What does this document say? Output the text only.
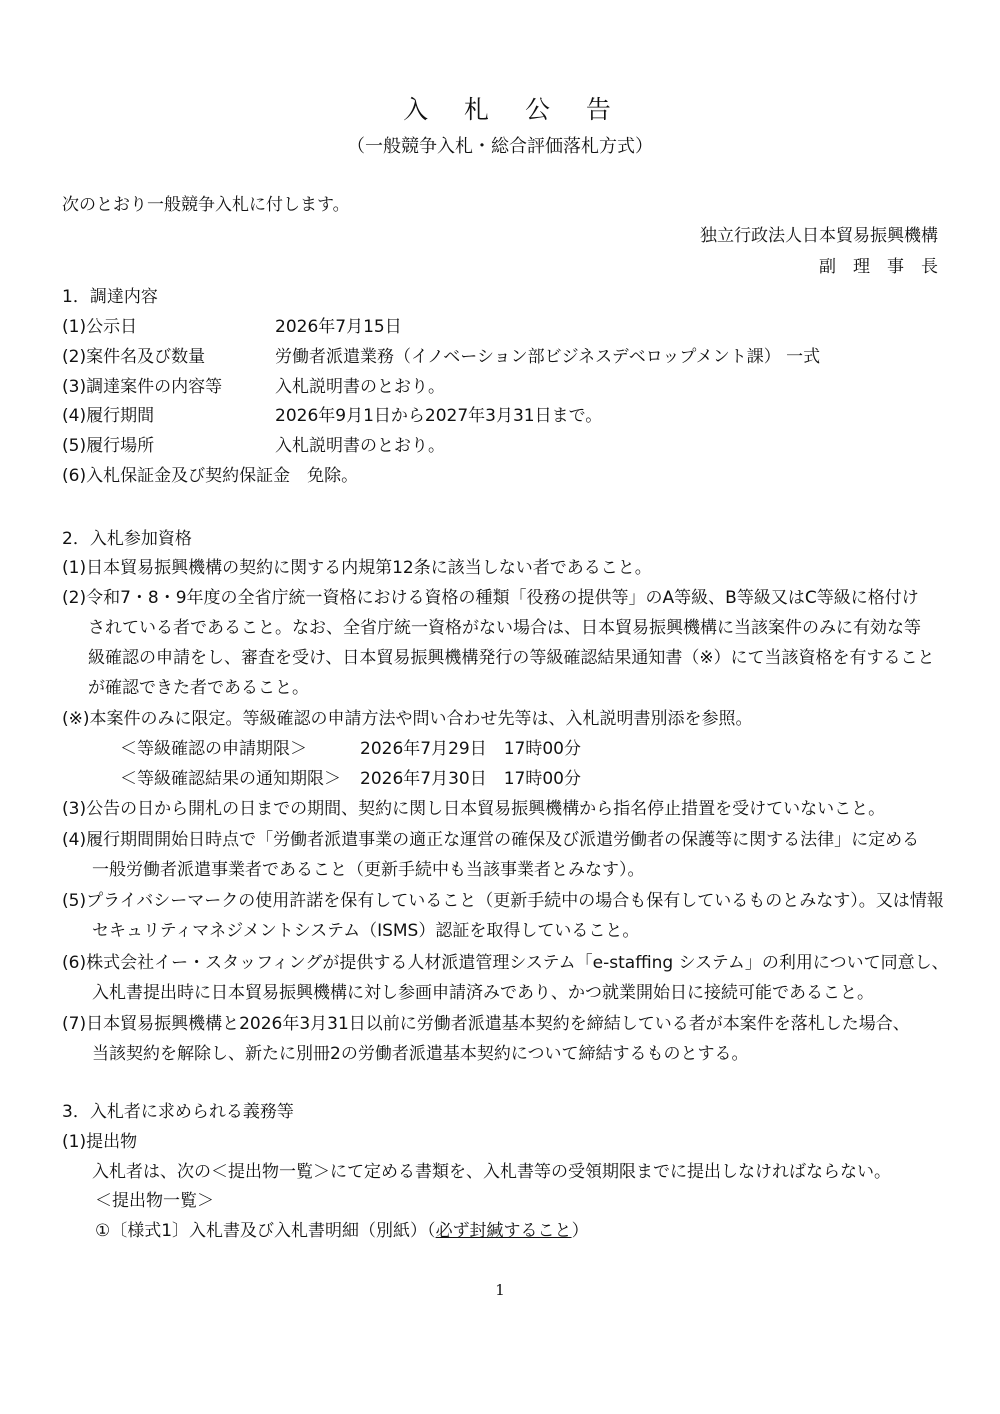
入 札 公 告
（一般競争入札・総合評価落札方式）
次のとおり一般競争入札に付します。
独立行政法人日本貿易振興機構
副　理　事　長
1．調達内容
(1)公示日	2026年7月15日
(2)案件名及び数量	労働者派遣業務（イノベーション部ビジネスデベロップメント課） 一式
(3)調達案件の内容等	入札説明書のとおり。
(4)履行期間	2026年9月1日から2027年3月31日まで。
(5)履行場所	入札説明書のとおり。
(6)入札保証金及び契約保証金　免除。
2．入札参加資格
(1)日本貿易振興機構の契約に関する内規第12条に該当しない者であること。
(2)令和7・8・9年度の全省庁統一資格における資格の種類「役務の提供等」のA等級、B等級又はC等級に格付け
されている者であること。なお、全省庁統一資格がない場合は、日本貿易振興機構に当該案件のみに有効な等
級確認の申請をし、審査を受け、日本貿易振興機構発行の等級確認結果通知書（※）にて当該資格を有すること
が確認できた者であること。
(※)本案件のみに限定。等級確認の申請方法や問い合わせ先等は、入札説明書別添を参照。
＜等級確認の申請期限＞	2026年7月29日　17時00分
＜等級確認結果の通知期限＞ 2026年7月30日　17時00分
(3)公告の日から開札の日までの期間、契約に関し日本貿易振興機構から指名停止措置を受けていないこと。
(4)履行期間開始日時点で「労働者派遣事業の適正な運営の確保及び派遣労働者の保護等に関する法律」に定める
一般労働者派遣事業者であること（更新手続中も当該事業者とみなす）。
(5)プライバシーマークの使用許諾を保有していること（更新手続中の場合も保有しているものとみなす）。又は情報
セキュリティマネジメントシステム（ISMS）認証を取得していること。
(6)株式会社イー・スタッフィングが提供する人材派遣管理システム「e-staffing システム」の利用について同意し、
入札書提出時に日本貿易振興機構に対し参画申請済みであり、かつ就業開始日に接続可能であること。
(7)日本貿易振興機構と2026年3月31日以前に労働者派遣基本契約を締結している者が本案件を落札した場合、
当該契約を解除し、新たに別冊2の労働者派遣基本契約について締結するものとする。
3．入札者に求められる義務等
(1)提出物
入札者は、次の＜提出物一覧＞にて定める書類を、入札書等の受領期限までに提出しなければならない。
＜提出物一覧＞
①〔様式1〕入札書及び入札書明細（別紙）（必ず封緘すること）
1
